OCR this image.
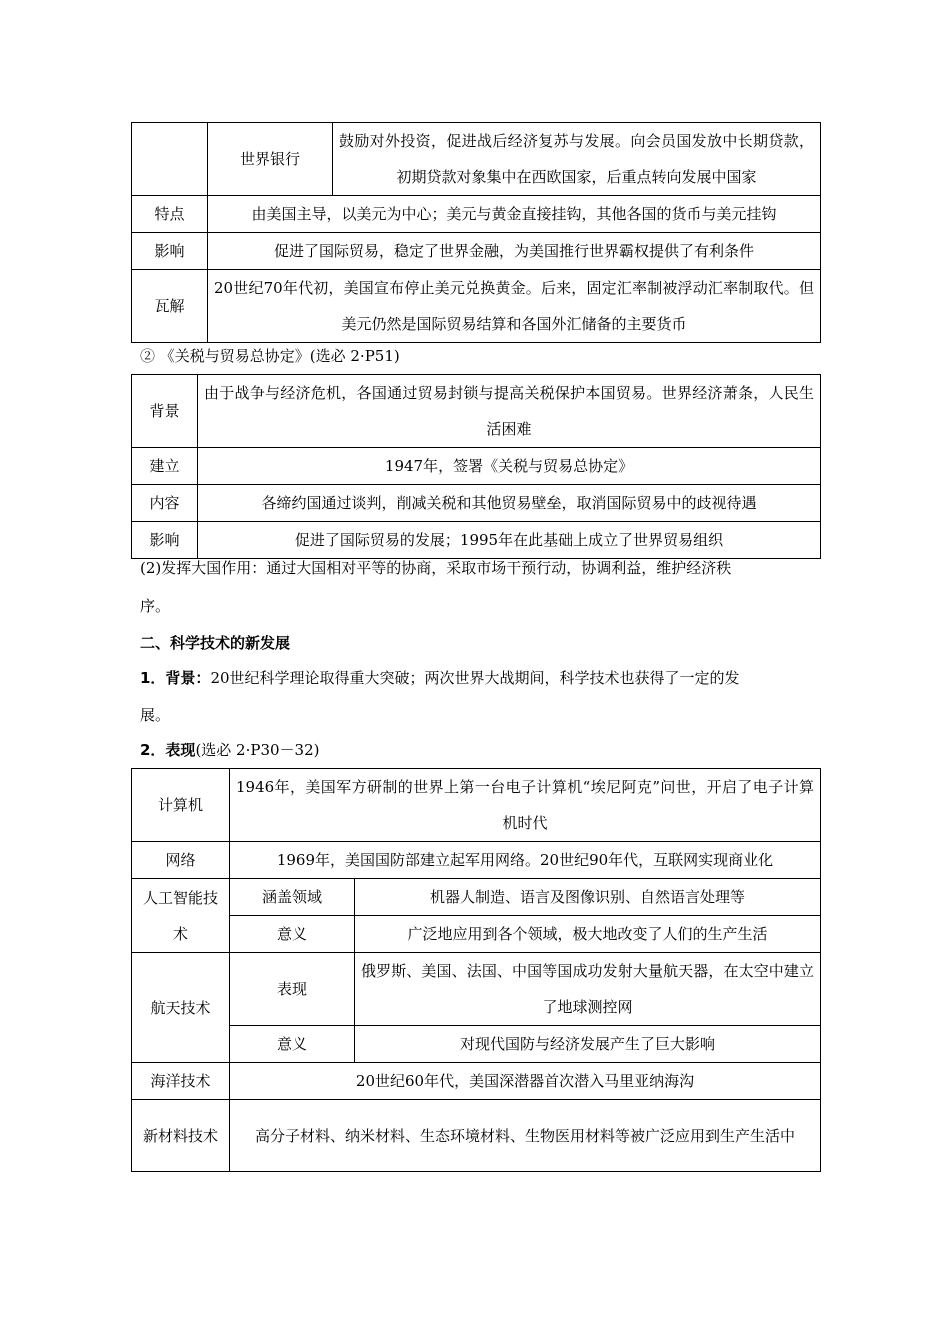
	世界银行	鼓励对外投资，促进战后经济复苏与发展。向会员国发放中长期贷款，初期贷款对象集中在西欧国家，后重点转向发展中国家
特点	由美国主导，以美元为中心；美元与黄金直接挂钩，其他各国的货币与美元挂钩	
影响	促进了国际贸易，稳定了世界金融，为美国推行世界霸权提供了有利条件	
瓦解	20世纪70年代初，美国宣布停止美元兑换黄金。后来，固定汇率制被浮动汇率制取代。但美元仍然是国际贸易结算和各国外汇储备的主要货币	
② 《关税与贸易总协定》(选必 2·P51)
背景	由于战争与经济危机，各国通过贸易封锁与提高关税保护本国贸易。世界经济萧条，人民生活困难
建立	1947年，签署《关税与贸易总协定》
内容	各缔约国通过谈判，削减关税和其他贸易壁垒，取消国际贸易中的歧视待遇
影响	促进了国际贸易的发展；1995年在此基础上成立了世界贸易组织
(2)发挥大国作用：通过大国相对平等的协商，采取市场干预行动，协调利益，维护经济秩
序。
二、科学技术的新发展
1．背景：20世纪科学理论取得重大突破；两次世界大战期间，科学技术也获得了一定的发
展。
2．表现(选必 2·P30－32)
计算机	1946年，美国军方研制的世界上第一台电子计算机“埃尼阿克”问世，开启了电子计算机时代	
网络	1969年，美国国防部建立起军用网络。20世纪90年代，互联网实现商业化	
人工智能技术	涵盖领域	机器人制造、语言及图像识别、自然语言处理等
	意义	广泛地应用到各个领域，极大地改变了人们的生产生活
航天技术	表现	俄罗斯、美国、法国、中国等国成功发射大量航天器，在太空中建立了地球测控网
	意义	对现代国防与经济发展产生了巨大影响
海洋技术	20世纪60年代，美国深潜器首次潜入马里亚纳海沟	
新材料技术	高分子材料、纳米材料、生态环境材料、生物医用材料等被广泛应用到生产生活中	
